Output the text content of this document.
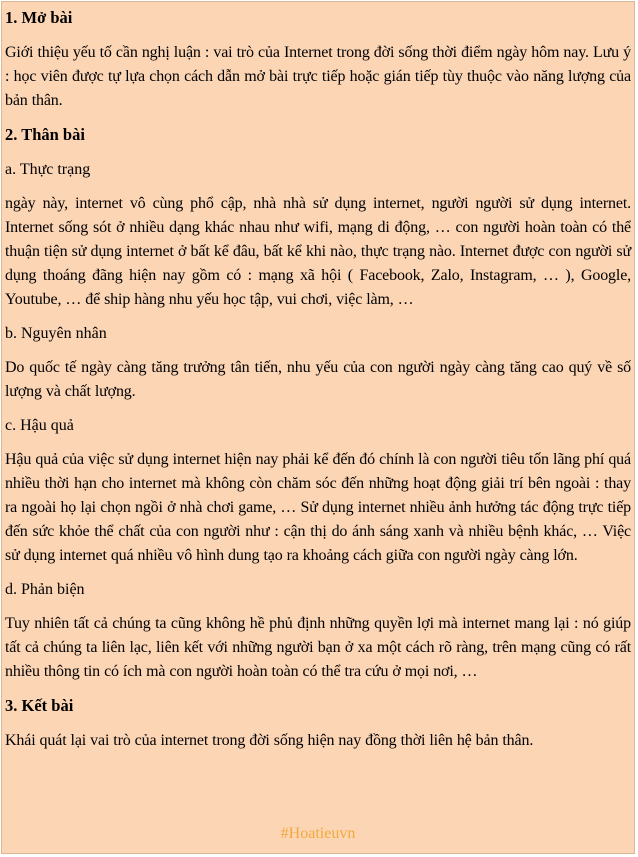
1. Mở bài
Giới thiệu yếu tố cần nghị luận : vai trò của Internet trong đời sống thời điểm ngày hôm nay. Lưu ý : học viên được tự lựa chọn cách dẫn mở bài trực tiếp hoặc gián tiếp tùy thuộc vào năng lượng của bản thân.
2. Thân bài
a. Thực trạng
ngày này, internet vô cùng phổ cập, nhà nhà sử dụng internet, người người sử dụng internet. Internet sống sót ở nhiều dạng khác nhau như wifi, mạng di động, … con người hoàn toàn có thể thuận tiện sử dụng internet ở bất kể đâu, bất kể khi nào, thực trạng nào. Internet được con người sử dụng thoáng đãng hiện nay gồm có : mạng xã hội ( Facebook, Zalo, Instagram, … ), Google, Youtube, … để ship hàng nhu yếu học tập, vui chơi, việc làm, …
b. Nguyên nhân
Do quốc tế ngày càng tăng trưởng tân tiến, nhu yếu của con người ngày càng tăng cao quý về số lượng và chất lượng.
c. Hậu quả
Hậu quả của việc sử dụng internet hiện nay phải kể đến đó chính là con người tiêu tốn lãng phí quá nhiều thời hạn cho internet mà không còn chăm sóc đến những hoạt động giải trí bên ngoài : thay ra ngoài họ lại chọn ngồi ở nhà chơi game, … Sử dụng internet nhiều ảnh hưởng tác động trực tiếp đến sức khỏe thể chất của con người như : cận thị do ánh sáng xanh và nhiều bệnh khác, … Việc sử dụng internet quá nhiều vô hình dung tạo ra khoảng cách giữa con người ngày càng lớn.
d. Phản biện
Tuy nhiên tất cả chúng ta cũng không hề phủ định những quyền lợi mà internet mang lại : nó giúp tất cả chúng ta liên lạc, liên kết với những người bạn ở xa một cách rõ ràng, trên mạng cũng có rất nhiều thông tin có ích mà con người hoàn toàn có thể tra cứu ở mọi nơi, …
3. Kết bài
Khái quát lại vai trò của internet trong đời sống hiện nay đồng thời liên hệ bản thân.
#Hoatieuvn
